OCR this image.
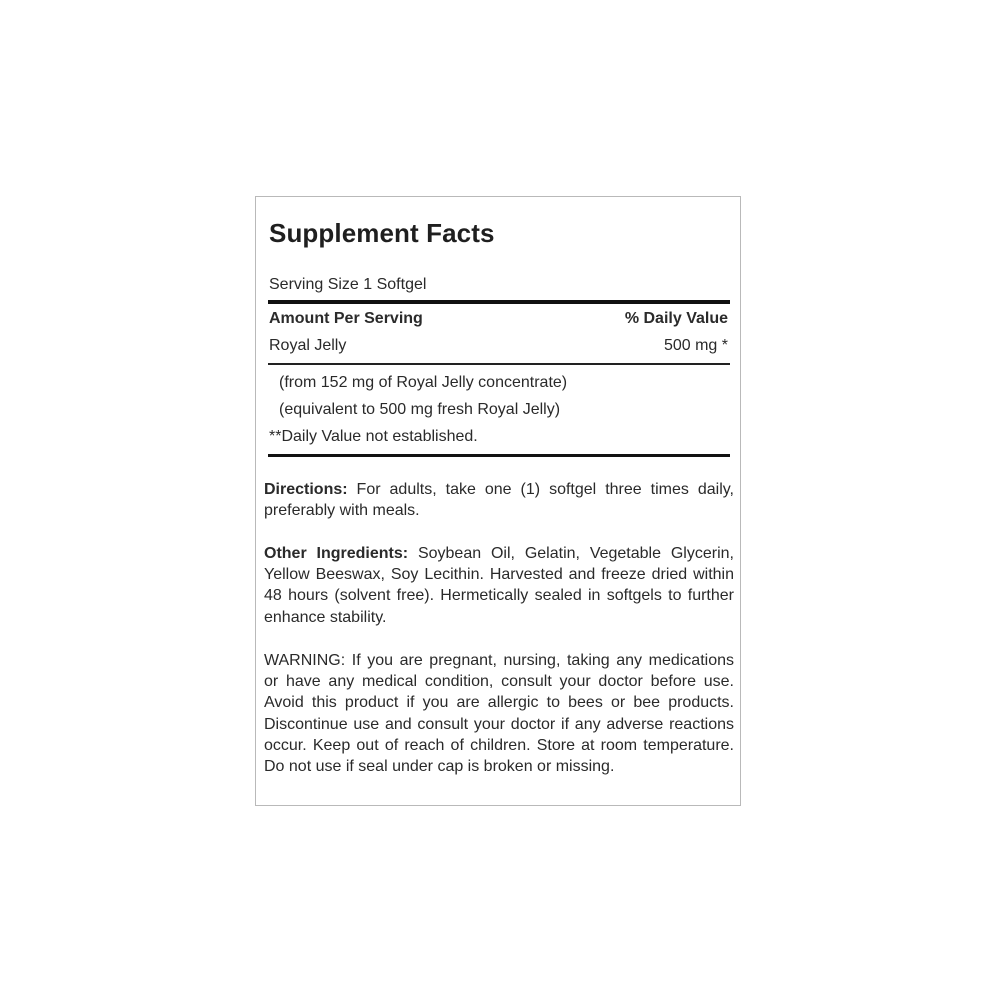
Supplement Facts
Serving Size 1 Softgel
Amount Per Serving	% Daily Value
Royal Jelly	500 mg *
(from 152 mg of Royal Jelly concentrate)
(equivalent to 500 mg fresh Royal Jelly)
**Daily Value not established.

Directions: For adults, take one (1) softgel three times daily, preferably with meals.

Other Ingredients: Soybean Oil, Gelatin, Vegetable Glycerin, Yellow Beeswax, Soy Lecithin. Harvested and freeze dried within 48 hours (solvent free). Hermetically sealed in softgels to further enhance stability.

WARNING: If you are pregnant, nursing, taking any medications or have any medical condition, consult your doctor before use. Avoid this product if you are allergic to bees or bee products. Discontinue use and consult your doctor if any adverse reactions occur. Keep out of reach of children. Store at room temperature. Do not use if seal under cap is broken or missing.
